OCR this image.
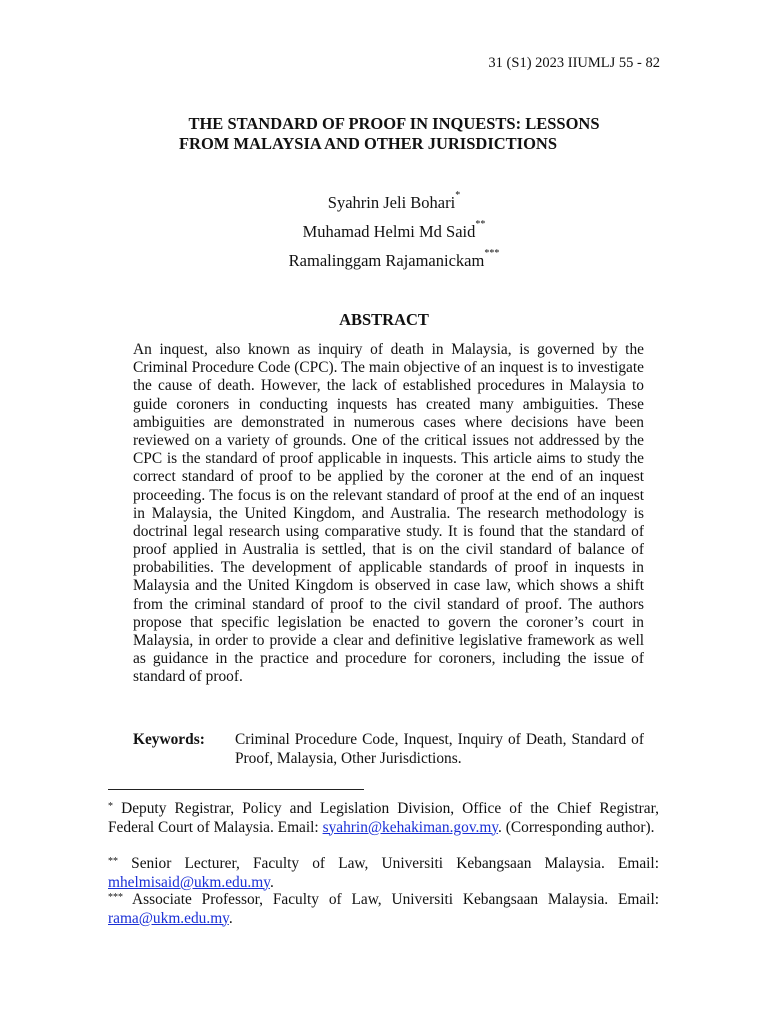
31 (S1) 2023 IIUMLJ 55 - 82
THE STANDARD OF PROOF IN INQUESTS: LESSONS
FROM MALAYSIA AND OTHER JURISDICTIONS
Syahrin Jeli Bohari*
Muhamad Helmi Md Said**
Ramalinggam Rajamanickam***
ABSTRACT
An inquest, also known as inquiry of death in Malaysia, is governed by the Criminal Procedure Code (CPC). The main objective of an inquest is to investigate the cause of death. However, the lack of established procedures in Malaysia to guide coroners in conducting inquests has created many ambiguities. These ambiguities are demonstrated in numerous cases where decisions have been reviewed on a variety of grounds. One of the critical issues not addressed by the CPC is the standard of proof applicable in inquests. This article aims to study the correct standard of proof to be applied by the coroner at the end of an inquest proceeding. The focus is on the relevant standard of proof at the end of an inquest in Malaysia, the United Kingdom, and Australia. The research methodology is doctrinal legal research using comparative study. It is found that the standard of proof applied in Australia is settled, that is on the civil standard of balance of probabilities. The development of applicable standards of proof in inquests in Malaysia and the United Kingdom is observed in case law, which shows a shift from the criminal standard of proof to the civil standard of proof. The authors propose that specific legislation be enacted to govern the coroner’s court in Malaysia, in order to provide a clear and definitive legislative framework as well as guidance in the practice and procedure for coroners, including the issue of standard of proof.
Keywords: Criminal Procedure Code, Inquest, Inquiry of Death, Standard of Proof, Malaysia, Other Jurisdictions.
* Deputy Registrar, Policy and Legislation Division, Office of the Chief Registrar, Federal Court of Malaysia. Email: syahrin@kehakiman.gov.my. (Corresponding author).
** Senior Lecturer, Faculty of Law, Universiti Kebangsaan Malaysia. Email: mhelmisaid@ukm.edu.my.
*** Associate Professor, Faculty of Law, Universiti Kebangsaan Malaysia. Email: rama@ukm.edu.my.
